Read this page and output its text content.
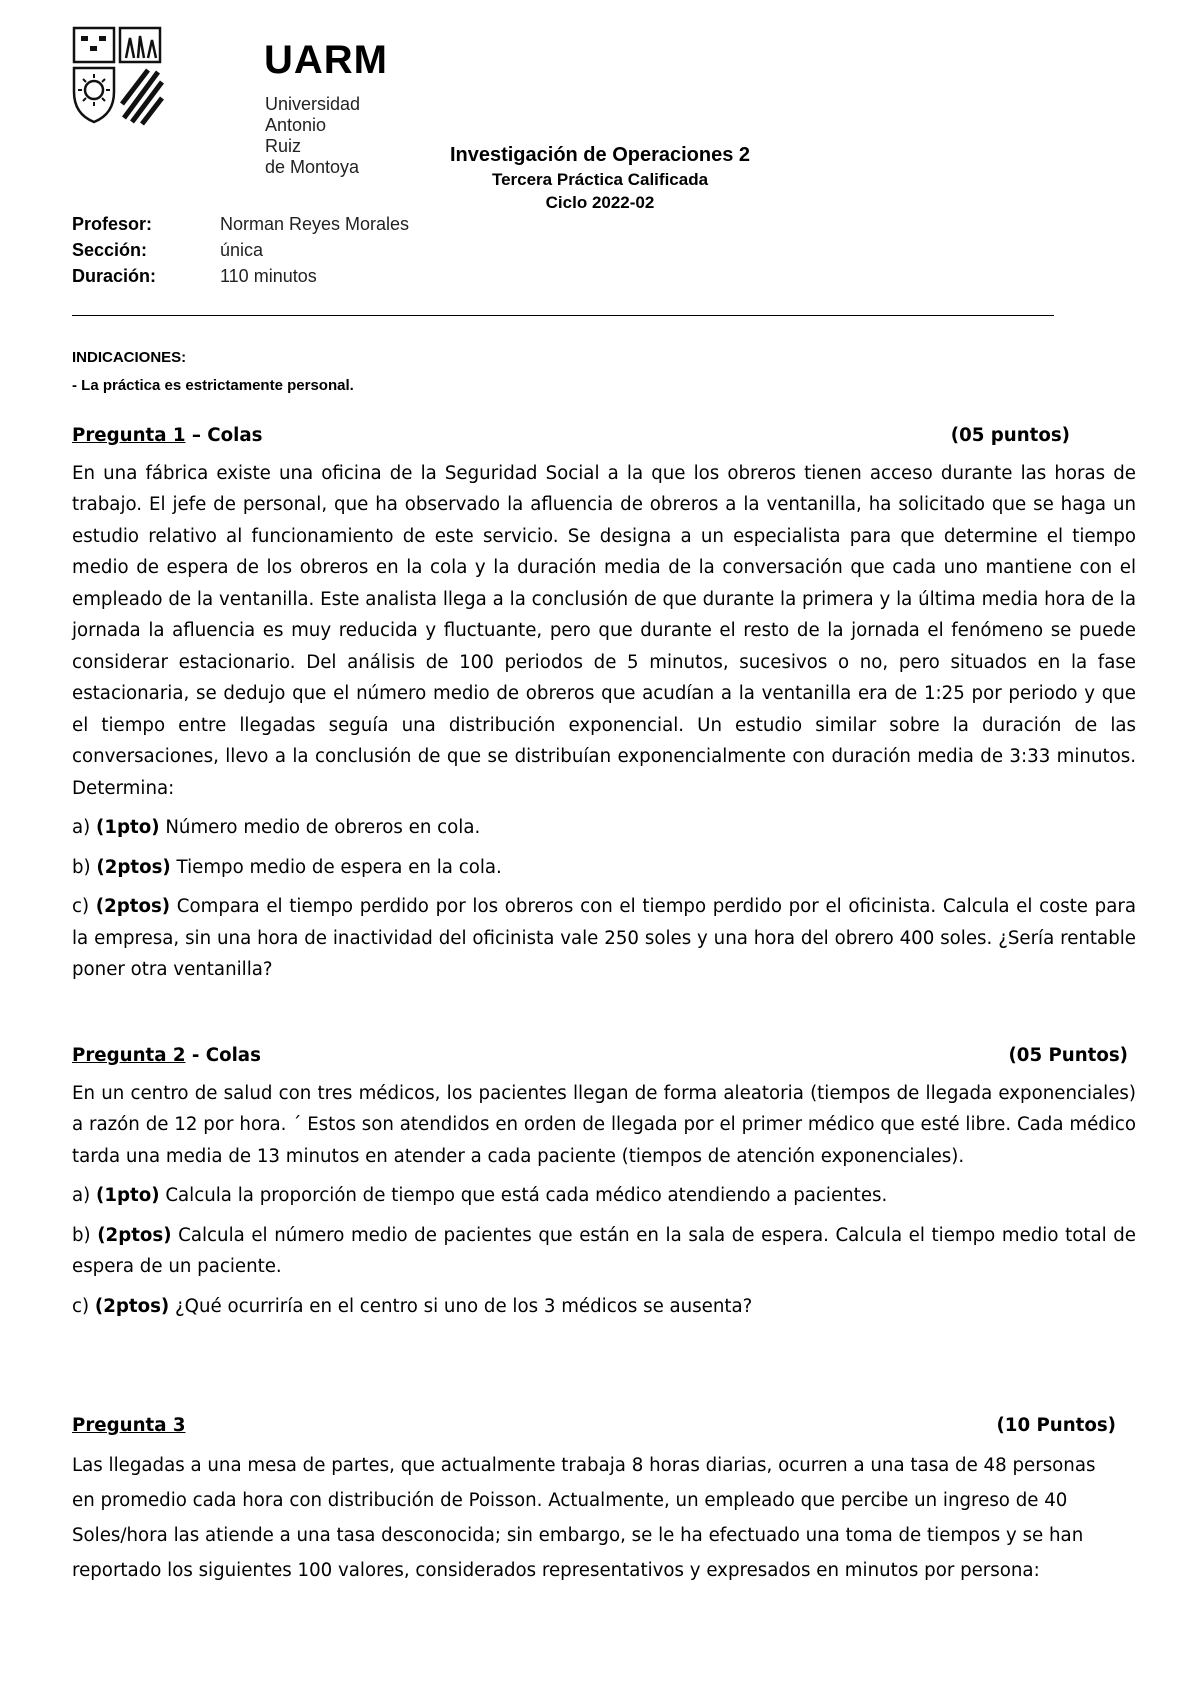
UARM
Universidad
Antonio Ruiz
de Montoya
Investigación de Operaciones 2
Tercera Práctica Calificada
Ciclo 2022-02
Profesor:	Norman Reyes Morales
Sección:	única
Duración:	110 minutos
INDICACIONES:
- La práctica es estrictamente personal.
Pregunta 1 – Colas	(05 puntos)

En una fábrica existe una oficina de la Seguridad Social a la que los obreros tienen acceso durante las horas de trabajo. El jefe de personal, que ha observado la afluencia de obreros a la ventanilla, ha solicitado que se haga un estudio relativo al funcionamiento de este servicio. Se designa a un especialista para que determine el tiempo medio de espera de los obreros en la cola y la duración media de la conversación que cada uno mantiene con el empleado de la ventanilla. Este analista llega a la conclusión de que durante la primera y la última media hora de la jornada la afluencia es muy reducida y fluctuante, pero que durante el resto de la jornada el fenómeno se puede considerar estacionario. Del análisis de 100 periodos de 5 minutos, sucesivos o no, pero situados en la fase estacionaria, se dedujo que el número medio de obreros que acudían a la ventanilla era de 1:25 por periodo y que el tiempo entre llegadas seguía una distribución exponencial. Un estudio similar sobre la duración de las conversaciones, llevo a la conclusión de que se distribuían exponencialmente con duración media de 3:33 minutos. Determina:

a) (1pto) Número medio de obreros en cola.
b) (2ptos) Tiempo medio de espera en la cola.
c) (2ptos) Compara el tiempo perdido por los obreros con el tiempo perdido por el oficinista. Calcula el coste para la empresa, sin una hora de inactividad del oficinista vale 250 soles y una hora del obrero 400 soles. ¿Sería rentable poner otra ventanilla?
Pregunta 2 - Colas	(05 Puntos)

En un centro de salud con tres médicos, los pacientes llegan de forma aleatoria (tiempos de llegada exponenciales) a razón de 12 por hora. ´ Estos son atendidos en orden de llegada por el primer médico que esté libre. Cada médico tarda una media de 13 minutos en atender a cada paciente (tiempos de atención exponenciales).

a) (1pto) Calcula la proporción de tiempo que está cada médico atendiendo a pacientes.
b) (2ptos) Calcula el número medio de pacientes que están en la sala de espera. Calcula el tiempo medio total de espera de un paciente.
c) (2ptos) ¿Qué ocurriría en el centro si uno de los 3 médicos se ausenta?
Pregunta 3	(10 Puntos)

Las llegadas a una mesa de partes, que actualmente trabaja 8 horas diarias, ocurren a una tasa de 48 personas en promedio cada hora con distribución de Poisson. Actualmente, un empleado que percibe un ingreso de 40 Soles/hora las atiende a una tasa desconocida; sin embargo, se le ha efectuado una toma de tiempos y se han reportado los siguientes 100 valores, considerados representativos y expresados en minutos por persona:
